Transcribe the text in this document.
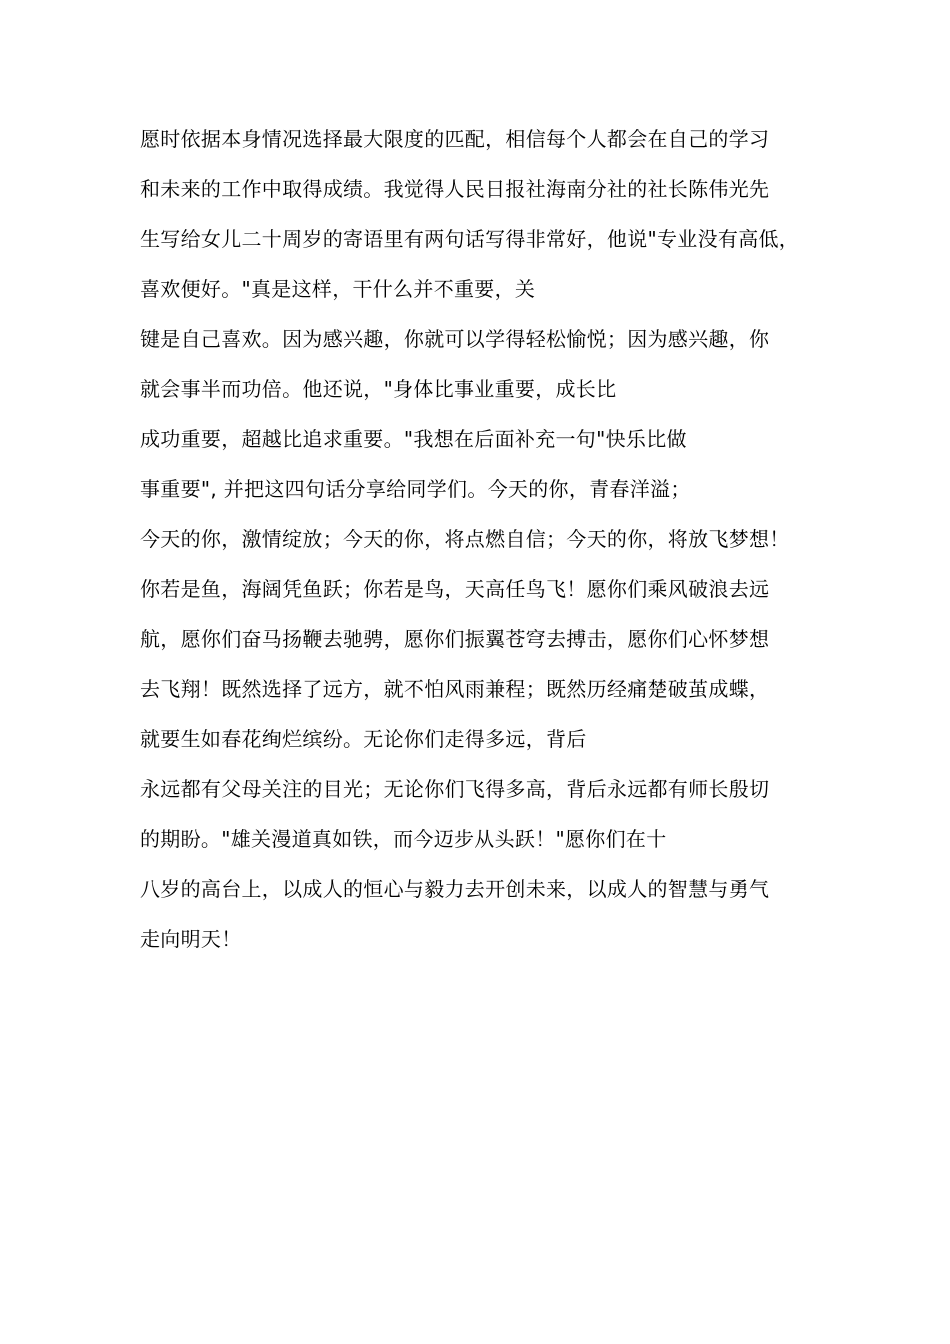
愿时依据本身情况选择最大限度的匹配，相信每个人都会在自己的学习
和未来的工作中取得成绩。我觉得人民日报社海南分社的社长陈伟光先
生写给女儿二十周岁的寄语里有两句话写得非常好，他说"专业没有高低，
喜欢便好。"真是这样，干什么并不重要，关
键是自己喜欢。因为感兴趣，你就可以学得轻松愉悦；因为感兴趣，你
就会事半而功倍。他还说，"身体比事业重要，成长比
成功重要，超越比追求重要。"我想在后面补充一句"快乐比做
事重要", 并把这四句话分享给同学们。今天的你，青春洋溢；
今天的你，激情绽放；今天的你，将点燃自信；今天的你，将放飞梦想！
你若是鱼，海阔凭鱼跃；你若是鸟，天高任鸟飞！愿你们乘风破浪去远
航，愿你们奋马扬鞭去驰骋，愿你们振翼苍穹去搏击，愿你们心怀梦想
去飞翔！既然选择了远方，就不怕风雨兼程；既然历经痛楚破茧成蝶，
就要生如春花绚烂缤纷。无论你们走得多远，背后
永远都有父母关注的目光；无论你们飞得多高，背后永远都有师长殷切
的期盼。"雄关漫道真如铁，而今迈步从头跃！"愿你们在十
八岁的高台上，以成人的恒心与毅力去开创未来，以成人的智慧与勇气
走向明天！
